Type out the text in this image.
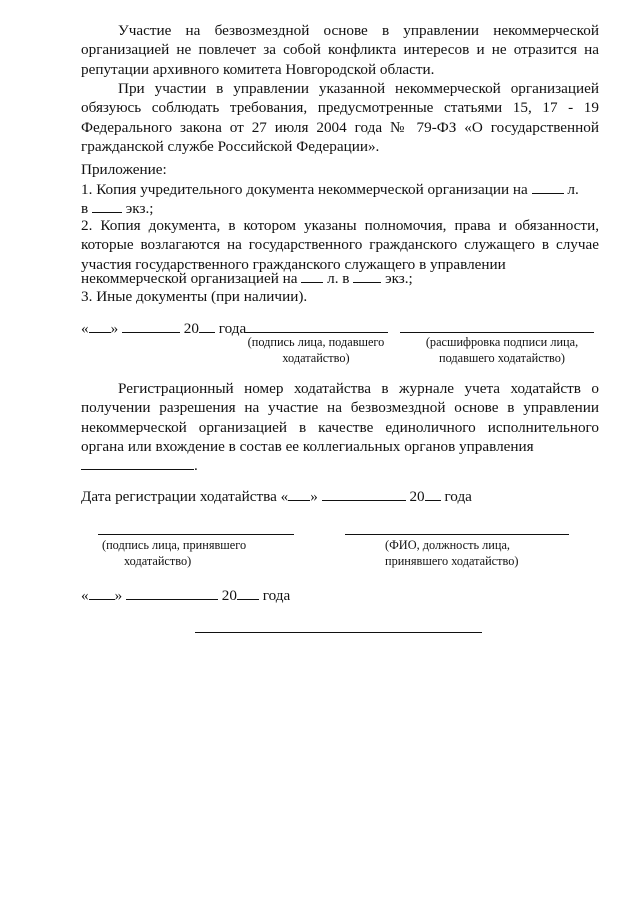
Участие на безвозмездной основе в управлении некоммерческой организацией не повлечет за собой конфликта интересов и не отразится на репутации архивного комитета Новгородской области.

При участии в управлении указанной некоммерческой организацией обязуюсь соблюдать требования, предусмотренные статьями 15, 17 - 19 Федерального закона от 27 июля 2004 года № 79-ФЗ «О государственной гражданской службе Российской Федерации».

Приложение:
1. Копия учредительного документа некоммерческой организации на	л.
в экз.;

2. Копия документа, в котором указаны полномочия, права и обязанности, которые возлагаются на государственного гражданского служащего в случае участия государственного гражданского служащего в управлении

некоммерческой организацией на л. в экз.;
3. Иные документы (при наличии).
« »	20 года
(подпись лица, подавшего
ходатайство)
(расшифровка подписи лица,
подавшего ходатайство)

Регистрационный номер ходатайства в журнале учета ходатайств о получении разрешения на участие на безвозмездной основе в управлении некоммерческой организацией в качестве единоличного исполнительного органа или вхождение в состав ее коллегиальных органов управления

.
Дата регистрации ходатайства « »	20 года
(подпись лица, принявшего
ходатайство)
(ФИО, должность лица,
принявшего ходатайство)
« »	20 года
